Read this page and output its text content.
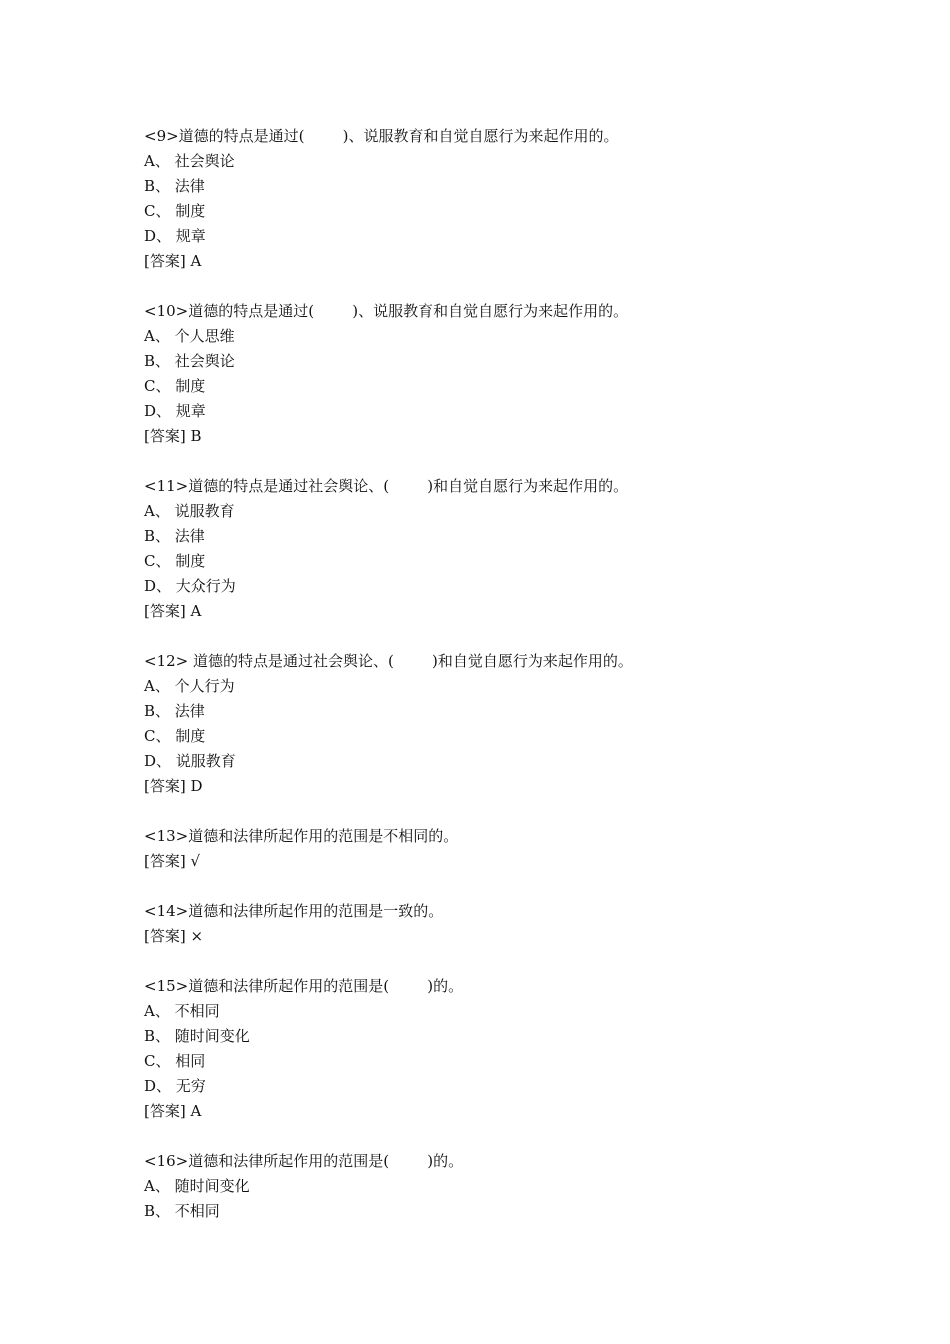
<9>道德的特点是通过(        )、说服教育和自觉自愿行为来起作用的。
A、 社会舆论
B、 法律
C、 制度
D、 规章
[答案] A
<10>道德的特点是通过(        )、说服教育和自觉自愿行为来起作用的。
A、 个人思维
B、 社会舆论
C、 制度
D、 规章
[答案] B
<11>道德的特点是通过社会舆论、(        )和自觉自愿行为来起作用的。
A、 说服教育
B、 法律
C、 制度
D、 大众行为
[答案] A
<12> 道德的特点是通过社会舆论、(        )和自觉自愿行为来起作用的。
A、 个人行为
B、 法律
C、 制度
D、 说服教育
[答案] D
<13>道德和法律所起作用的范围是不相同的。
[答案] √
<14>道德和法律所起作用的范围是一致的。
[答案] ×
<15>道德和法律所起作用的范围是(        )的。
A、 不相同
B、 随时间变化
C、 相同
D、 无穷
[答案] A
<16>道德和法律所起作用的范围是(        )的。
A、 随时间变化
B、 不相同
